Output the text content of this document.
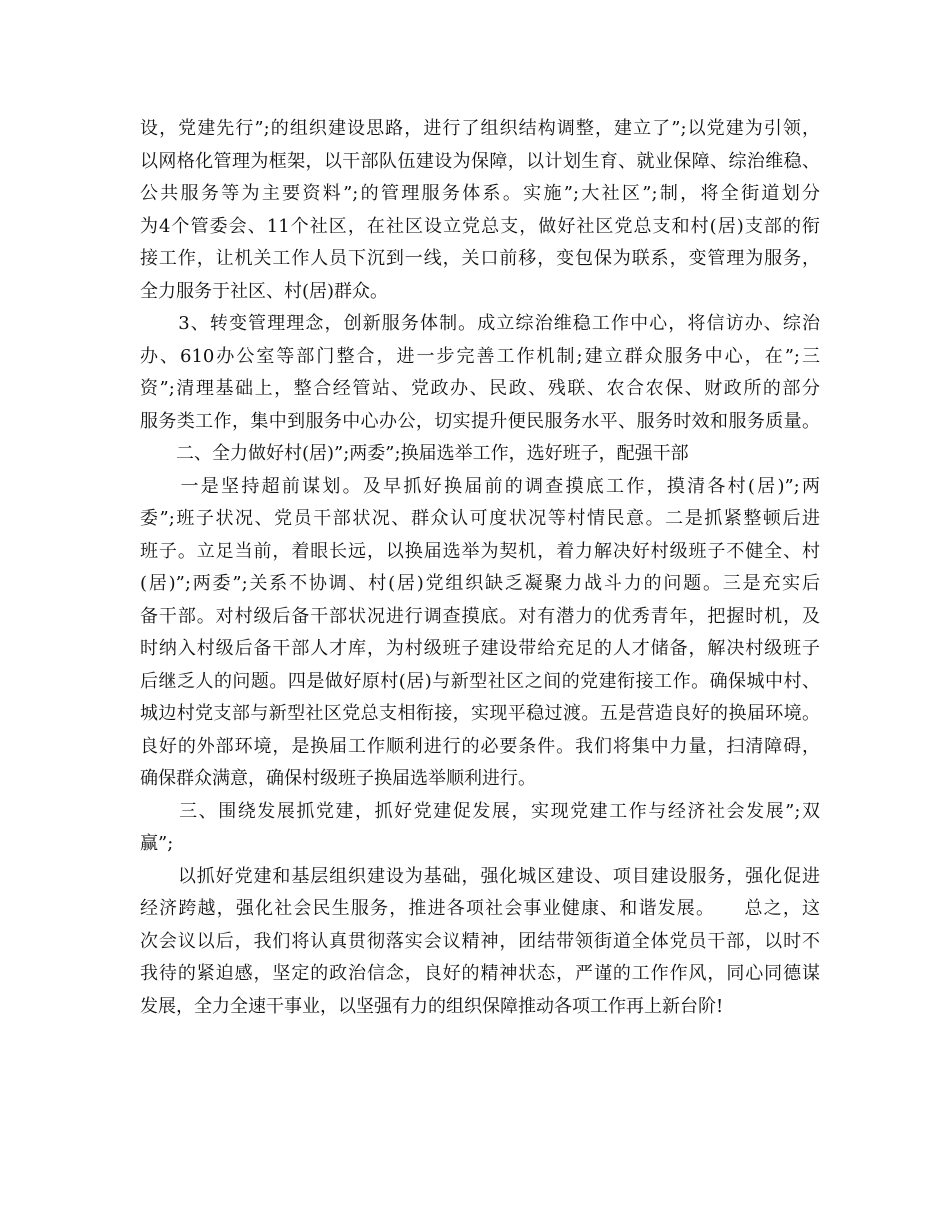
设，党建先行”;的组织建设思路，进行了组织结构调整，建立了”;以党建为引领，
以网格化管理为框架，以干部队伍建设为保障，以计划生育、就业保障、综治维稳、
公共服务等为主要资料”;的管理服务体系。实施”;大社区”;制，将全街道划分
为4个管委会、11个社区，在社区设立党总支，做好社区党总支和村(居)支部的衔
接工作，让机关工作人员下沉到一线，关口前移，变包保为联系，变管理为服务，
全力服务于社区、村(居)群众。
　　3、转变管理理念，创新服务体制。成立综治维稳工作中心，将信访办、综治
办、610办公室等部门整合，进一步完善工作机制;建立群众服务中心，在”;三
资”;清理基础上，整合经管站、党政办、民政、残联、农合农保、财政所的部分
服务类工作，集中到服务中心办公，切实提升便民服务水平、服务时效和服务质量。
　　二、全力做好村(居)”;两委”;换届选举工作，选好班子，配强干部
　　一是坚持超前谋划。及早抓好换届前的调查摸底工作，摸清各村(居)”;两
委”;班子状况、党员干部状况、群众认可度状况等村情民意。二是抓紧整顿后进
班子。立足当前，着眼长远，以换届选举为契机，着力解决好村级班子不健全、村
(居)”;两委”;关系不协调、村(居)党组织缺乏凝聚力战斗力的问题。三是充实后
备干部。对村级后备干部状况进行调查摸底。对有潜力的优秀青年，把握时机，及
时纳入村级后备干部人才库，为村级班子建设带给充足的人才储备，解决村级班子
后继乏人的问题。四是做好原村(居)与新型社区之间的党建衔接工作。确保城中村、
城边村党支部与新型社区党总支相衔接，实现平稳过渡。五是营造良好的换届环境。
良好的外部环境，是换届工作顺利进行的必要条件。我们将集中力量，扫清障碍，
确保群众满意，确保村级班子换届选举顺利进行。
　　三、围绕发展抓党建，抓好党建促发展，实现党建工作与经济社会发展”;双
赢”;
　　以抓好党建和基层组织建设为基础，强化城区建设、项目建设服务，强化促进
经济跨越，强化社会民生服务，推进各项社会事业健康、和谐发展。　　总之，这
次会议以后，我们将认真贯彻落实会议精神，团结带领街道全体党员干部，以时不
我待的紧迫感，坚定的政治信念，良好的精神状态，严谨的工作作风，同心同德谋
发展，全力全速干事业，以坚强有力的组织保障推动各项工作再上新台阶!
